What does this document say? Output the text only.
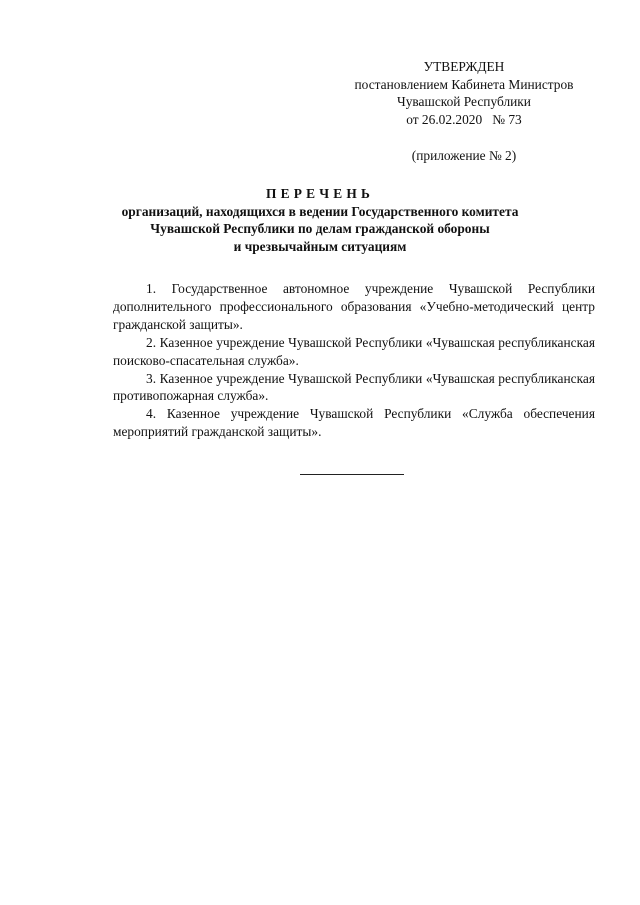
УТВЕРЖДЕН
постановлением Кабинета Министров
Чувашской Республики
от 26.02.2020   № 73
(приложение № 2)
ПЕРЕЧЕНЬ
организаций, находящихся в ведении Государственного комитета
Чувашской Республики по делам гражданской обороны
и чрезвычайным ситуациям

1. Государственное автономное учреждение Чувашской Республики дополнительного профессионального образования «Учебно-методический центр гражданской защиты».

2. Казенное учреждение Чувашской Республики «Чувашская республиканская поисково-спасательная служба».

3. Казенное учреждение Чувашской Республики «Чувашская республиканская противопожарная служба».

4. Казенное учреждение Чувашской Республики «Служба обеспечения мероприятий гражданской защиты».
